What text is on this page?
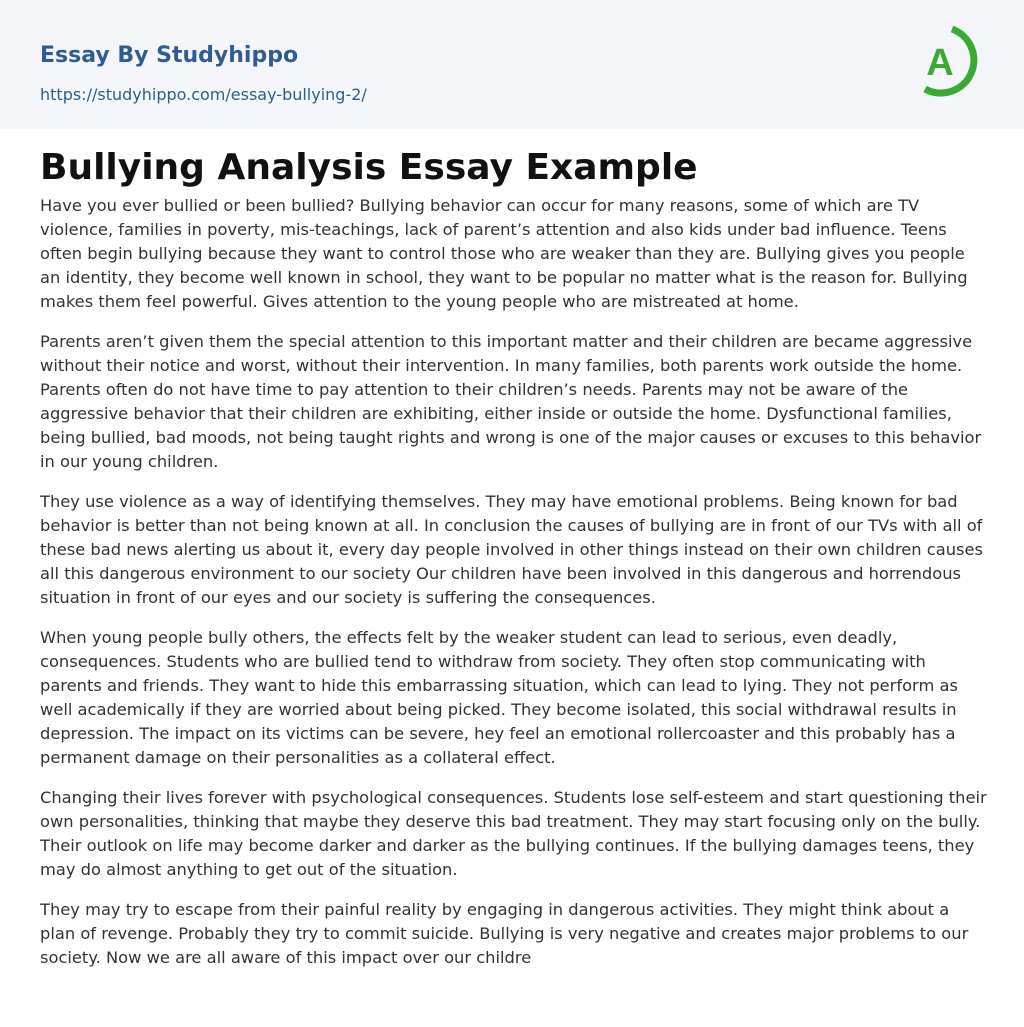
Essay By Studyhippo
https://studyhippo.com/essay-bullying-2/
A
Bullying Analysis Essay Example

Have you ever bullied or been bullied? Bullying behavior can occur for many reasons, some of which are TV violence, families in poverty, mis-teachings, lack of parent’s attention and also kids under bad influence. Teens often begin bullying because they want to control those who are weaker than they are. Bullying gives you people an identity, they become well known in school, they want to be popular no matter what is the reason for. Bullying makes them feel powerful. Gives attention to the young people who are mistreated at home.

Parents aren’t given them the special attention to this important matter and their children are became aggressive without their notice and worst, without their intervention. In many families, both parents work outside the home. Parents often do not have time to pay attention to their children’s needs. Parents may not be aware of the aggressive behavior that their children are exhibiting, either inside or outside the home. Dysfunctional families, being bullied, bad moods, not being taught rights and wrong is one of the major causes or excuses to this behavior in our young children.

They use violence as a way of identifying themselves. They may have emotional problems. Being known for bad behavior is better than not being known at all. In conclusion the causes of bullying are in front of our TVs with all of these bad news alerting us about it, every day people involved in other things instead on their own children causes all this dangerous environment to our society Our children have been involved in this dangerous and horrendous situation in front of our eyes and our society is suffering the consequences.

When young people bully others, the effects felt by the weaker student can lead to serious, even deadly, consequences. Students who are bullied tend to withdraw from society. They often stop communicating with parents and friends. They want to hide this embarrassing situation, which can lead to lying. They not perform as well academically if they are worried about being picked. They become isolated, this social withdrawal results in depression. The impact on its victims can be severe, hey feel an emotional rollercoaster and this probably has a permanent damage on their personalities as a collateral effect.

Changing their lives forever with psychological consequences. Students lose self-esteem and start questioning their own personalities, thinking that maybe they deserve this bad treatment. They may start focusing only on the bully. Their outlook on life may become darker and darker as the bullying continues. If the bullying damages teens, they may do almost anything to get out of the situation.

They may try to escape from their painful reality by engaging in dangerous activities. They might think about a plan of revenge. Probably they try to commit suicide. Bullying is very negative and creates major problems to our society. Now we are all aware of this impact over our childre
